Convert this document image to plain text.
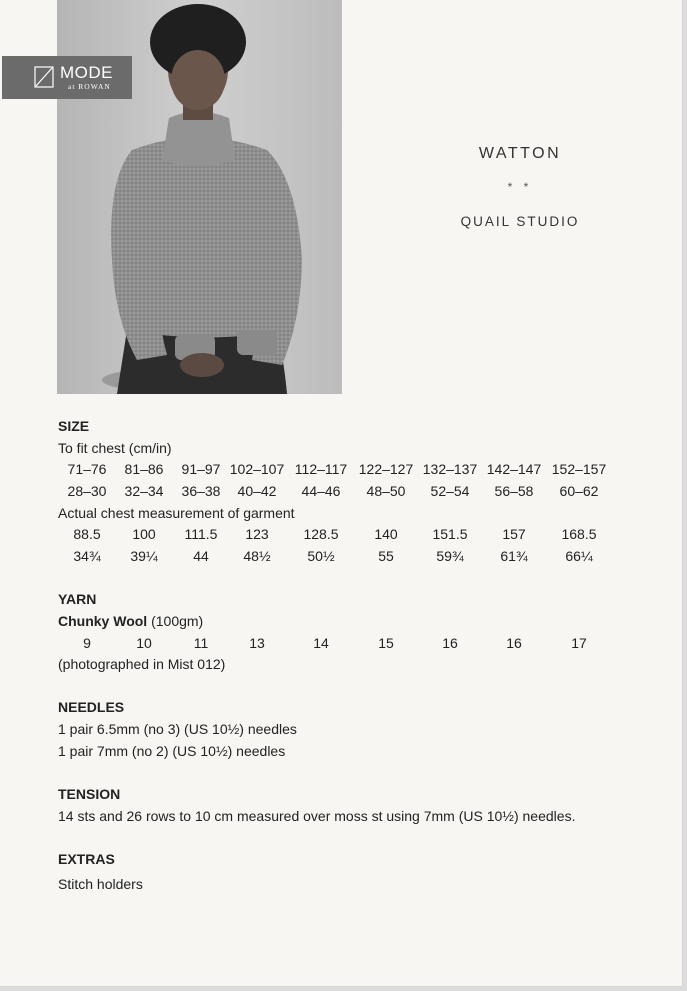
MODE
at ROWAN
WATTON
* *
QUAIL STUDIO
SIZE
To fit chest (cm/in)
71–76 81–86 91–97 102–107 112–117 122–127 132–137 142–147 152–157
28–30 32–34 36–38 40–42 44–46 48–50 52–54 56–58 60–62
Actual chest measurement of garment
88.5 100 111.5 123 128.5	140 151.5 157	168.5
34¾ 39¼	44 48½	50½	55	59¾	61¾	66¼
YARN
Chunky Wool (100gm)
9	10	11	13	14	15	16	16	17
(photographed in Mist 012)
NEEDLES
1 pair 6.5mm (no 3) (US 10½) needles
1 pair 7mm (no 2) (US 10½) needles
TENSION
14 sts and 26 rows to 10 cm measured over moss st using 7mm (US 10½) needles.
EXTRAS
Stitch holders
